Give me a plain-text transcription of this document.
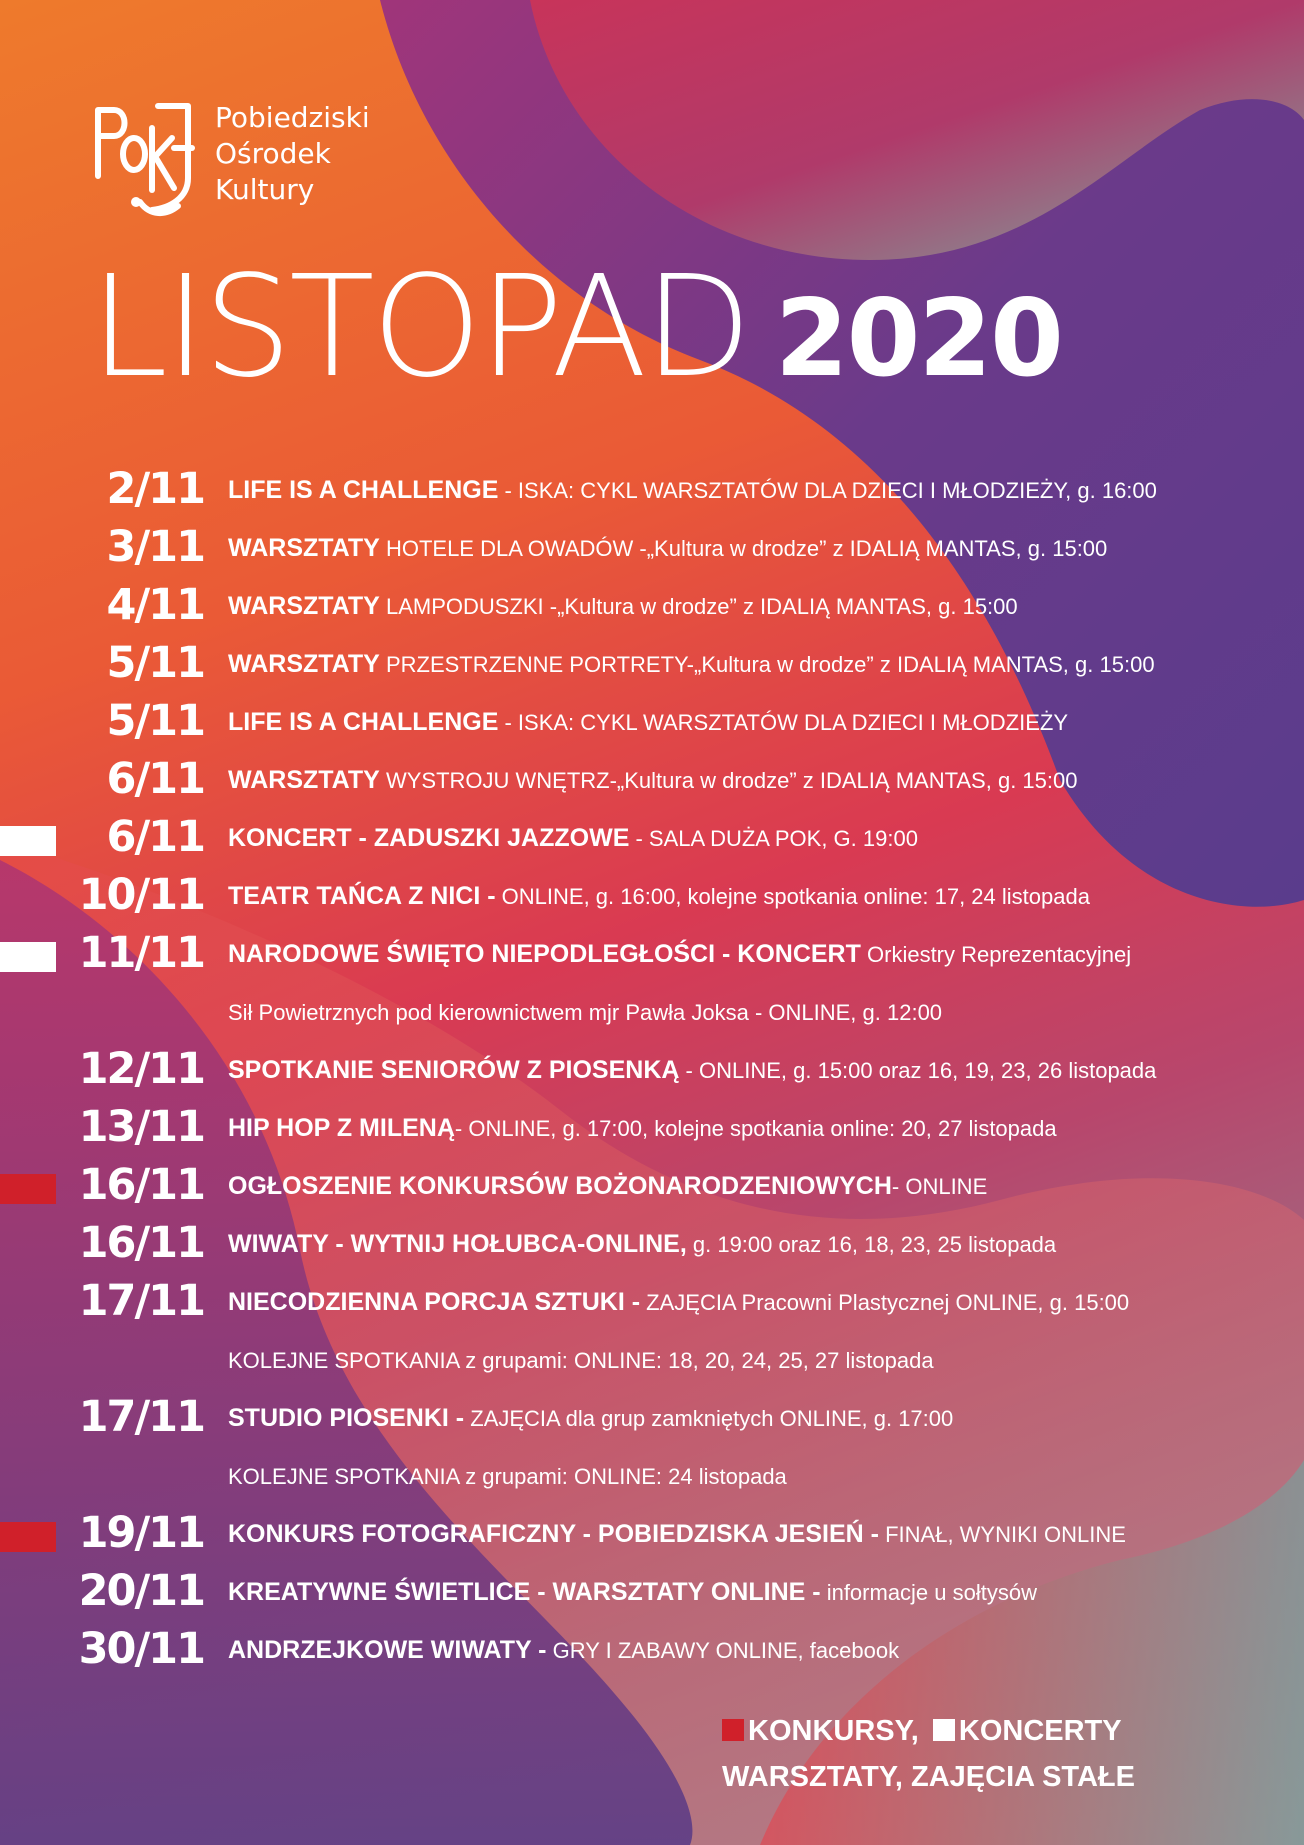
Pobiedziski
Ośrodek
Kultury
LISTOPAD 2020
2/11 LIFE IS A CHALLENGE - ISKA: CYKL WARSZTATÓW DLA DZIECI I MŁODZIEŻY, g. 16:00
3/11 WARSZTATY HOTELE DLA OWADÓW -„Kultura w drodze” z IDALIĄ MANTAS, g. 15:00
4/11 WARSZTATY LAMPODUSZKI -„Kultura w drodze” z IDALIĄ MANTAS, g. 15:00
5/11 WARSZTATY PRZESTRZENNE PORTRETY-„Kultura w drodze” z IDALIĄ MANTAS, g. 15:00
5/11 LIFE IS A CHALLENGE - ISKA: CYKL WARSZTATÓW DLA DZIECI I MŁODZIEŻY
6/11 WARSZTATY WYSTROJU WNĘTRZ-„Kultura w drodze” z IDALIĄ MANTAS, g. 15:00
6/11 KONCERT - ZADUSZKI JAZZOWE - SALA DUŻA POK, G. 19:00
10/11 TEATR TAŃCA Z NICI - ONLINE, g. 16:00, kolejne spotkania online: 17, 24 listopada
11/11 NARODOWE ŚWIĘTO NIEPODLEGŁOŚCI - KONCERT Orkiestry Reprezentacyjnej
Sił Powietrznych pod kierownictwem mjr Pawła Joksa - ONLINE, g. 12:00
12/11 SPOTKANIE SENIORÓW Z PIOSENKĄ - ONLINE, g. 15:00 oraz 16, 19, 23, 26 listopada
13/11 HIP HOP Z MILENĄ- ONLINE, g. 17:00, kolejne spotkania online: 20, 27 listopada
16/11 OGŁOSZENIE KONKURSÓW BOŻONARODZENIOWYCH- ONLINE
16/11 WIWATY - WYTNIJ HOŁUBCA-ONLINE, g. 19:00 oraz 16, 18, 23, 25 listopada
17/11 NIECODZIENNA PORCJA SZTUKI - ZAJĘCIA Pracowni Plastycznej ONLINE, g. 15:00
KOLEJNE SPOTKANIA z grupami: ONLINE: 18, 20, 24, 25, 27 listopada
17/11 STUDIO PIOSENKI - ZAJĘCIA dla grup zamkniętych ONLINE, g. 17:00
KOLEJNE SPOTKANIA z grupami: ONLINE: 24 listopada
19/11 KONKURS FOTOGRAFICZNY - POBIEDZISKA JESIEŃ - FINAŁ, WYNIKI ONLINE
20/11 KREATYWNE ŚWIETLICE - WARSZTATY ONLINE - informacje u sołtysów
30/11 ANDRZEJKOWE WIWATY - GRY I ZABAWY ONLINE, facebook
KONKURSY, KONCERTY
WARSZTATY, ZAJĘCIA STAŁE
